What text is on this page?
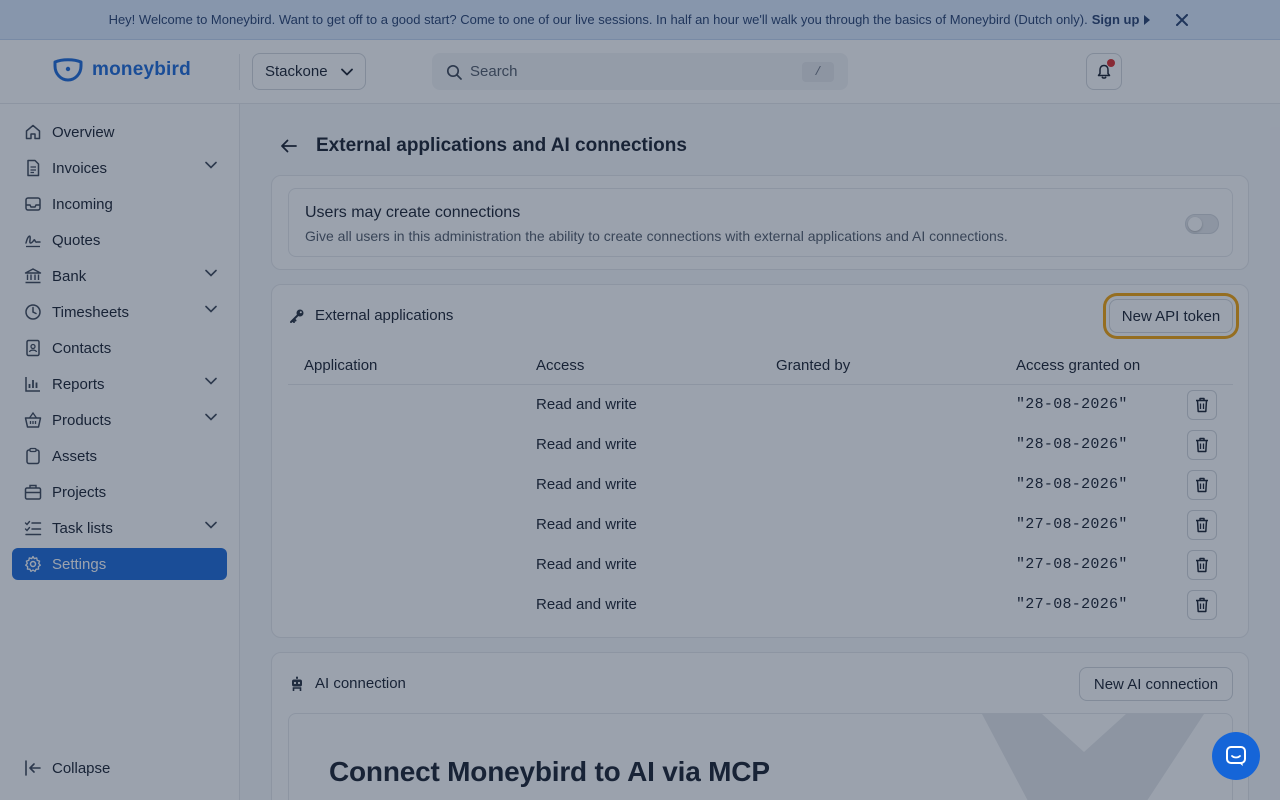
Hey! Welcome to Moneybird. Want to get off to a good start? Come to one of our live sessions. In half an hour we'll walk you through the basics of Moneybird (Dutch only). Sign up
moneybird	Stackone	Search	/
Overview
Invoices
Incoming
Quotes
Bank
Timesheets
Contacts
Reports
Products
Assets
Projects
Task lists
Settings
Collapse
External applications and AI connections
Users may create connections
Give all users in this administration the ability to create connections with external applications and AI connections.
External applications	New API token
Application	Access	Granted by	Access granted on
Read and write	"28-08-2026"
Read and write	"28-08-2026"
Read and write	"28-08-2026"
Read and write	"27-08-2026"
Read and write	"27-08-2026"
Read and write	"27-08-2026"
AI connection	New AI connection
Connect Moneybird to AI via MCP
